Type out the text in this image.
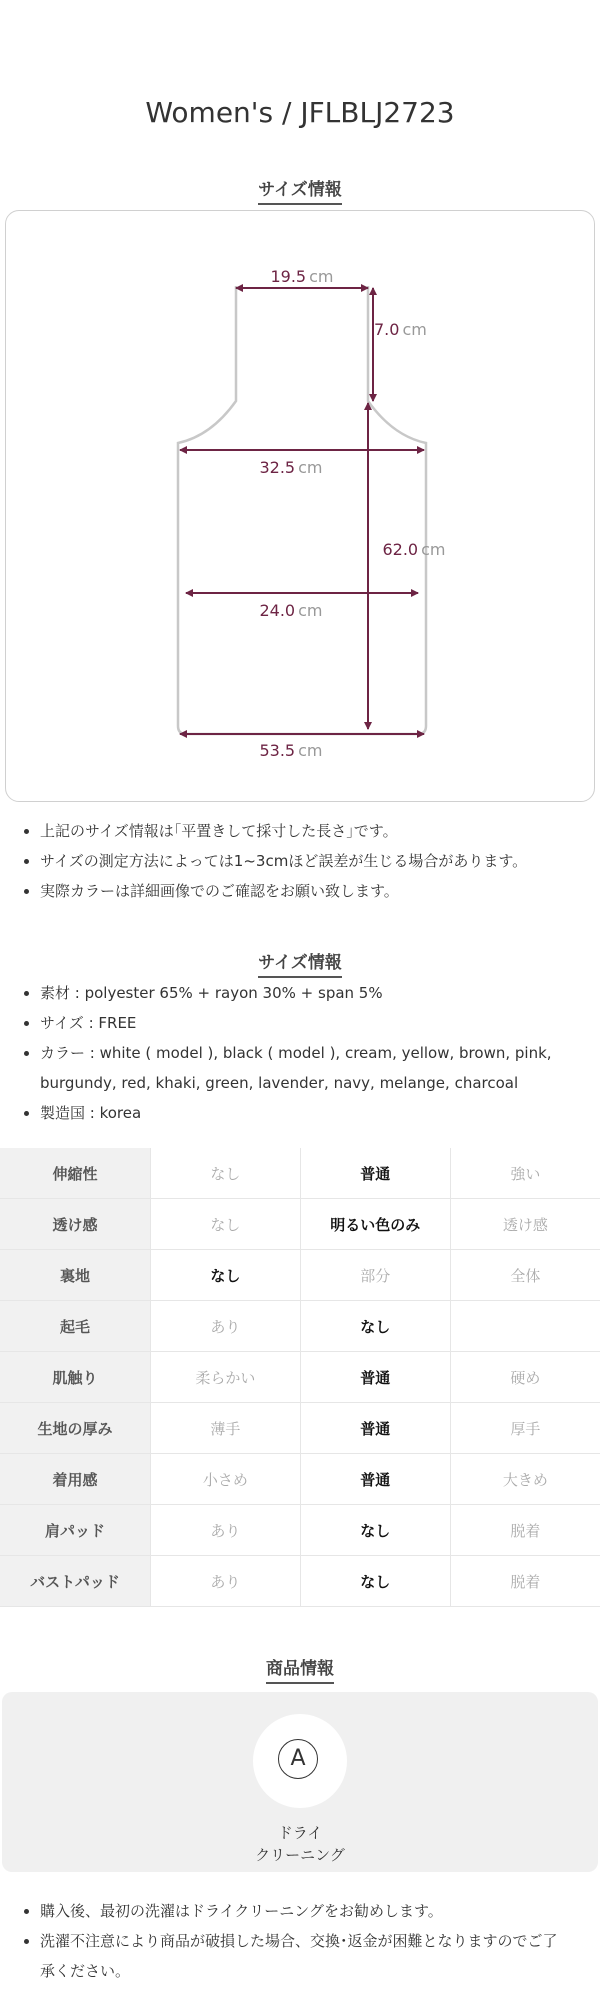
Women's / JFLBLJ2723
サイズ情報
19.5 cm
7.0 cm
32.5 cm
62.0 cm
24.0 cm
53.5 cm
• 上記のサイズ情報は｢平置きして採寸した長さ｣です。
• サイズの測定方法によっては1~3cmほど誤差が生じる場合があります。
• 実際カラーは詳細画像でのご確認をお願い致します。
サイズ情報
• 素材 : polyester 65% + rayon 30% + span 5%
• サイズ : FREE
• カラー : white ( model ), black ( model ), cream, yellow, brown, pink, burgundy, red, khaki, green, lavender, navy, melange, charcoal
• 製造国 : korea
伸縮性	なし	普通	強い
透け感	なし	明るい色のみ	透け感
裏地	なし	部分	全体
起毛	あり	なし	
肌触り	柔らかい	普通	硬め
生地の厚み	薄手	普通	厚手
着用感	小さめ	普通	大きめ
肩パッド	あり	なし	脱着
バストパッド	あり	なし	脱着
商品情報
A
ドライ
クリーニング
• 購入後、最初の洗濯はドライクリーニングをお勧めします。
• 洗濯不注意により商品が破損した場合、交換･返金が困難となりますのでご了承ください。
